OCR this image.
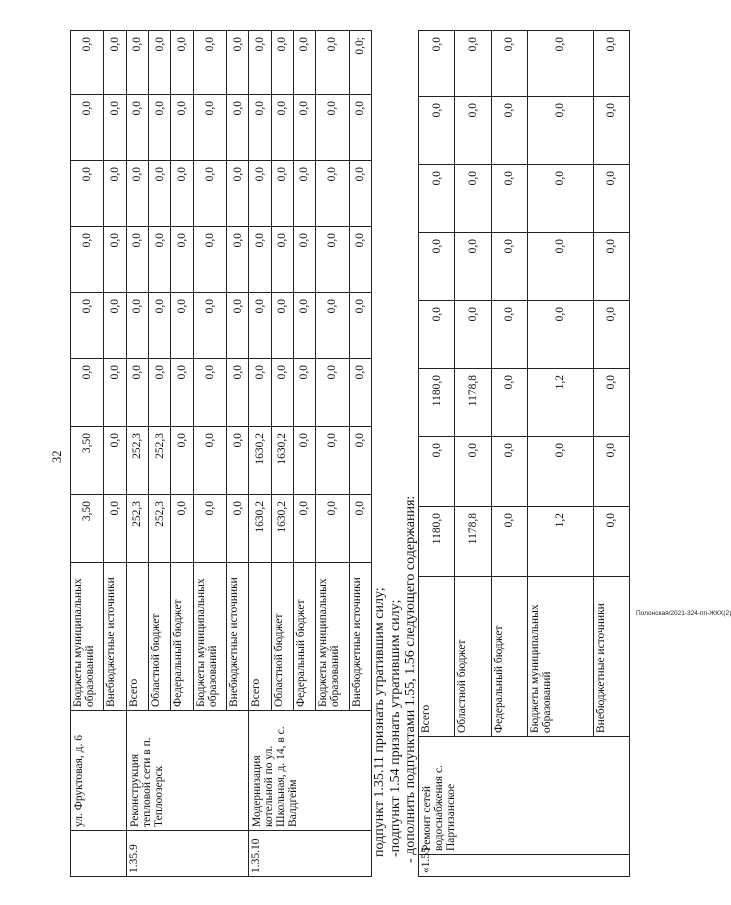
32
	ул. Фруктовая, д. 6	Бюджеты муниципальных образований	3,50	3,50	0,0	0,0	0,0	0,0	0,0	0,0
		Внебюджетные источники	0,0	0,0	0,0	0,0	0,0	0,0	0,0	0,0
1.35.9	Реконструкция тепловой сети в п. Теплоозерск	Всего	252,3	252,3	0,0	0,0	0,0	0,0	0,0	0,0
		Областной бюджет	252,3	252,3	0,0	0,0	0,0	0,0	0,0	0,0
		Федеральный бюджет	0,0	0,0	0,0	0,0	0,0	0,0	0,0	0,0
		Бюджеты муниципальных образований	0,0	0,0	0,0	0,0	0,0	0,0	0,0	0,0
		Внебюджетные источники	0,0	0,0	0,0	0,0	0,0	0,0	0,0	0,0
1.35.10	Модернизация котельной по ул. Школьная, д. 14, в с. Валдгейм	Всего	1630,2	1630,2	0,0	0,0	0,0	0,0	0,0	0,0
		Областной бюджет	1630,2	1630,2	0,0	0,0	0,0	0,0	0,0	0,0
		Федеральный бюджет	0,0	0,0	0,0	0,0	0,0	0,0	0,0	0,0
		Бюджеты муниципальных образований	0,0	0,0	0,0	0,0	0,0	0,0	0,0	0,0
		Внебюджетные источники	0,0	0,0	0,0	0,0	0,0	0,0	0,0	0,0;
подпункт 1.35.11 признать утратившим силу; -подпункт 1.54 признать утратившим силу; - дополнить подпунктами 1.55, 1.56 следующего содержания: «1.55	Ремонт сетей водоснабжения с. Партизанское	Всего	1180,0	0,0	1180,0	0,0	0,0	0,0	0,0	0,0
		Областной бюджет	1178,8	0,0	1178,8	0,0	0,0	0,0	0,0	0,0
		Федеральный бюджет	0,0	0,0	0,0	0,0	0,0	0,0	0,0	0,0
		Бюджеты муниципальных образований	1,2	0,0	1,2	0,0	0,0	0,0	0,0	0,0
		Внебюджетные источники	0,0	0,0	0,0	0,0	0,0	0,0	0,0	0,0
Полонская/2021-324-пп-ЖКХ(2)
